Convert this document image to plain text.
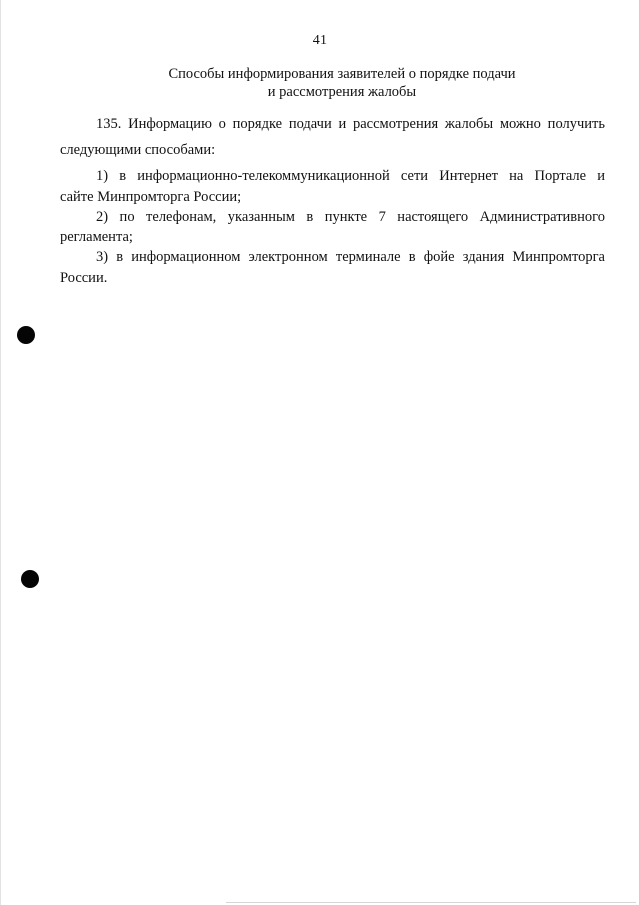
41
Способы информирования заявителей о порядке подачи
и рассмотрения жалобы
135. Информацию о порядке подачи и рассмотрения жалобы можно получить
следующими способами:
1) в информационно-телекоммуникационной сети Интернет на Портале и
сайте Минпромторга России;
2) по телефонам, указанным в пункте 7 настоящего Административного
регламента;
3) в информационном электронном терминале в фойе здания Минпромторга
России.
